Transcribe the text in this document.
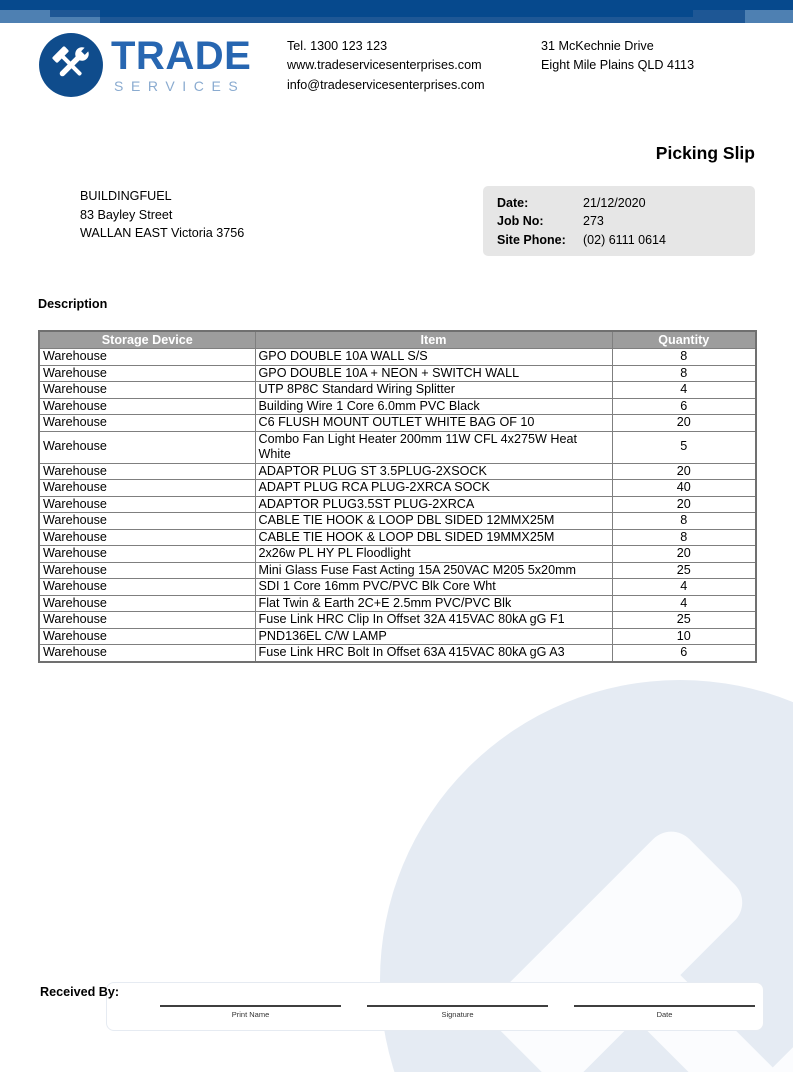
TRADE
SERVICES
Tel. 1300 123 123
www.tradeservicesenterprises.com
info@tradeservicesenterprises.com
31 McKechnie Drive
Eight Mile Plains QLD 4113
Picking Slip
BUILDINGFUEL
83 Bayley Street
WALLAN EAST Victoria 3756
Date:	21/12/2020
Job No:	273
Site Phone:	(02) 6111 0614
Description
Storage Device	Item	Quantity
Warehouse	GPO DOUBLE 10A WALL S/S	8
Warehouse	GPO DOUBLE 10A + NEON + SWITCH WALL	8
Warehouse	UTP 8P8C Standard Wiring Splitter	4
Warehouse	Building Wire 1 Core 6.0mm PVC Black	6
Warehouse	C6 FLUSH MOUNT OUTLET WHITE BAG OF 10	20
Warehouse	Combo Fan Light Heater 200mm 11W CFL 4x275W Heat White	5
Warehouse	ADAPTOR PLUG ST 3.5PLUG-2XSOCK	20
Warehouse	ADAPT PLUG RCA PLUG-2XRCA SOCK	40
Warehouse	ADAPTOR PLUG3.5ST PLUG-2XRCA	20
Warehouse	CABLE TIE HOOK & LOOP DBL SIDED 12MMX25M	8
Warehouse	CABLE TIE HOOK & LOOP DBL SIDED 19MMX25M	8
Warehouse	2x26w PL HY PL Floodlight	20
Warehouse	Mini Glass Fuse Fast Acting 15A 250VAC M205 5x20mm	25
Warehouse	SDI 1 Core 16mm PVC/PVC Blk Core Wht	4
Warehouse	Flat Twin & Earth 2C+E 2.5mm PVC/PVC Blk	4
Warehouse	Fuse Link HRC Clip In Offset 32A 415VAC 80kA gG F1	25
Warehouse	PND136EL C/W LAMP	10
Warehouse	Fuse Link HRC Bolt In Offset 63A 415VAC 80kA gG A3	6
Received By:
Print Name	Signature	Date
